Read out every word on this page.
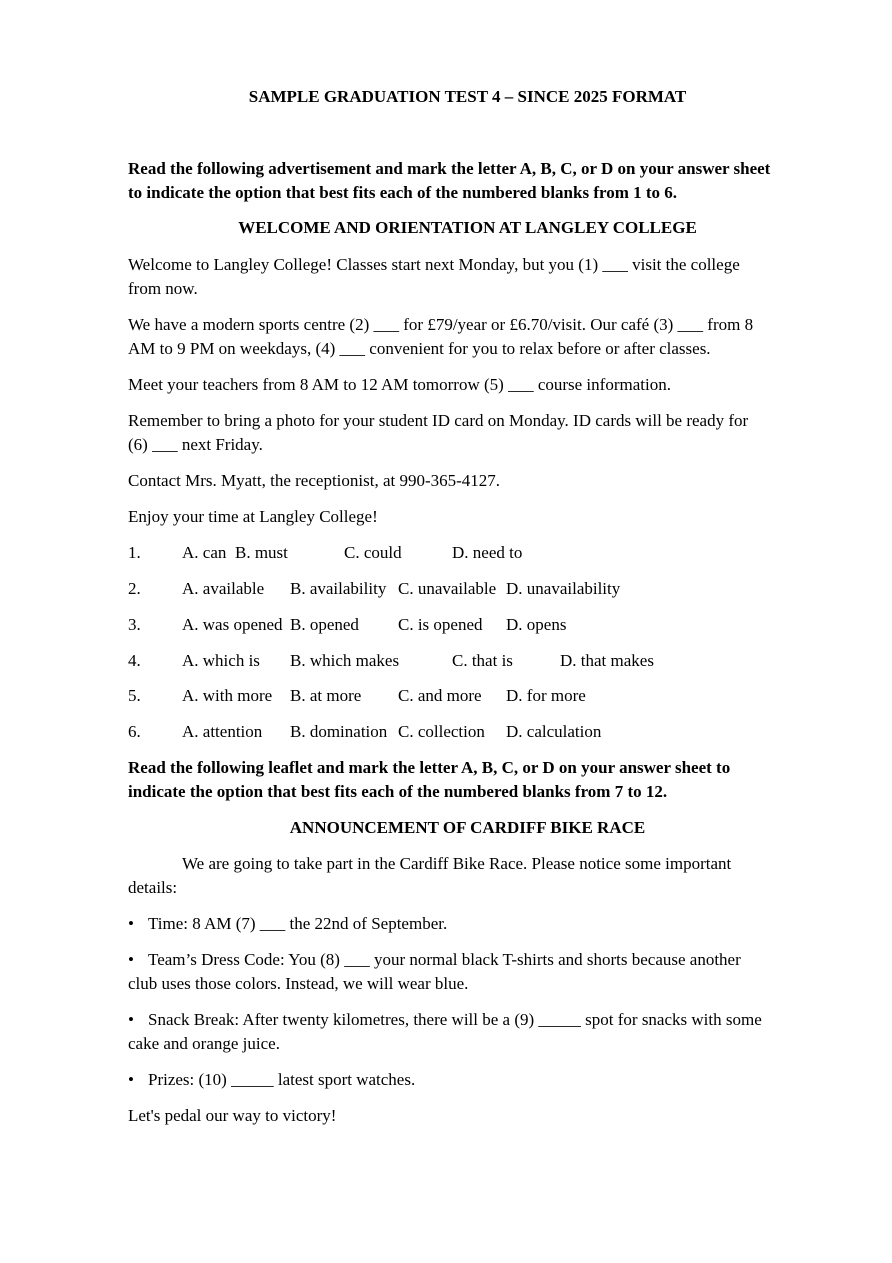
SAMPLE GRADUATION TEST 4 – SINCE 2025 FORMAT
Read the following advertisement and mark the letter A, B, C, or D on your answer sheet
to indicate the option that best fits each of the numbered blanks from 1 to 6.
WELCOME AND ORIENTATION AT LANGLEY COLLEGE
Welcome to Langley College! Classes start next Monday, but you (1) ___ visit the college
from now.
We have a modern sports centre (2) ___ for £79/year or £6.70/visit. Our café (3) ___ from 8
AM to 9 PM on weekdays, (4) ___ convenient for you to relax before or after classes.
Meet your teachers from 8 AM to 12 AM tomorrow (5) ___ course information.
Remember to bring a photo for your student ID card on Monday. ID cards will be ready for
(6) ___ next Friday.
Contact Mrs. Myatt, the receptionist, at 990-365-4127.
Enjoy your time at Langley College!
1. A. can B. must	C. could	D. need to
2. A. available B. availability C. unavailable D. unavailability
3. A. was opened B. opened C. is opened D. opens
4. A. which is B. which makes	C. that is	D. that makes
5. A. with more B. at more C. and more D. for more
6. A. attention B. domination C. collection D. calculation
Read the following leaflet and mark the letter A, B, C, or D on your answer sheet to
indicate the option that best fits each of the numbered blanks from 7 to 12.
ANNOUNCEMENT OF CARDIFF BIKE RACE
We are going to take part in the Cardiff Bike Race. Please notice some important
details:
• Time: 8 AM (7) ___ the 22nd of September.
• Team’s Dress Code: You (8) ___ your normal black T-shirts and shorts because another
club uses those colors. Instead, we will wear blue.
• Snack Break: After twenty kilometres, there will be a (9) _____ spot for snacks with some
cake and orange juice.
• Prizes: (10) _____ latest sport watches.
Let's pedal our way to victory!
